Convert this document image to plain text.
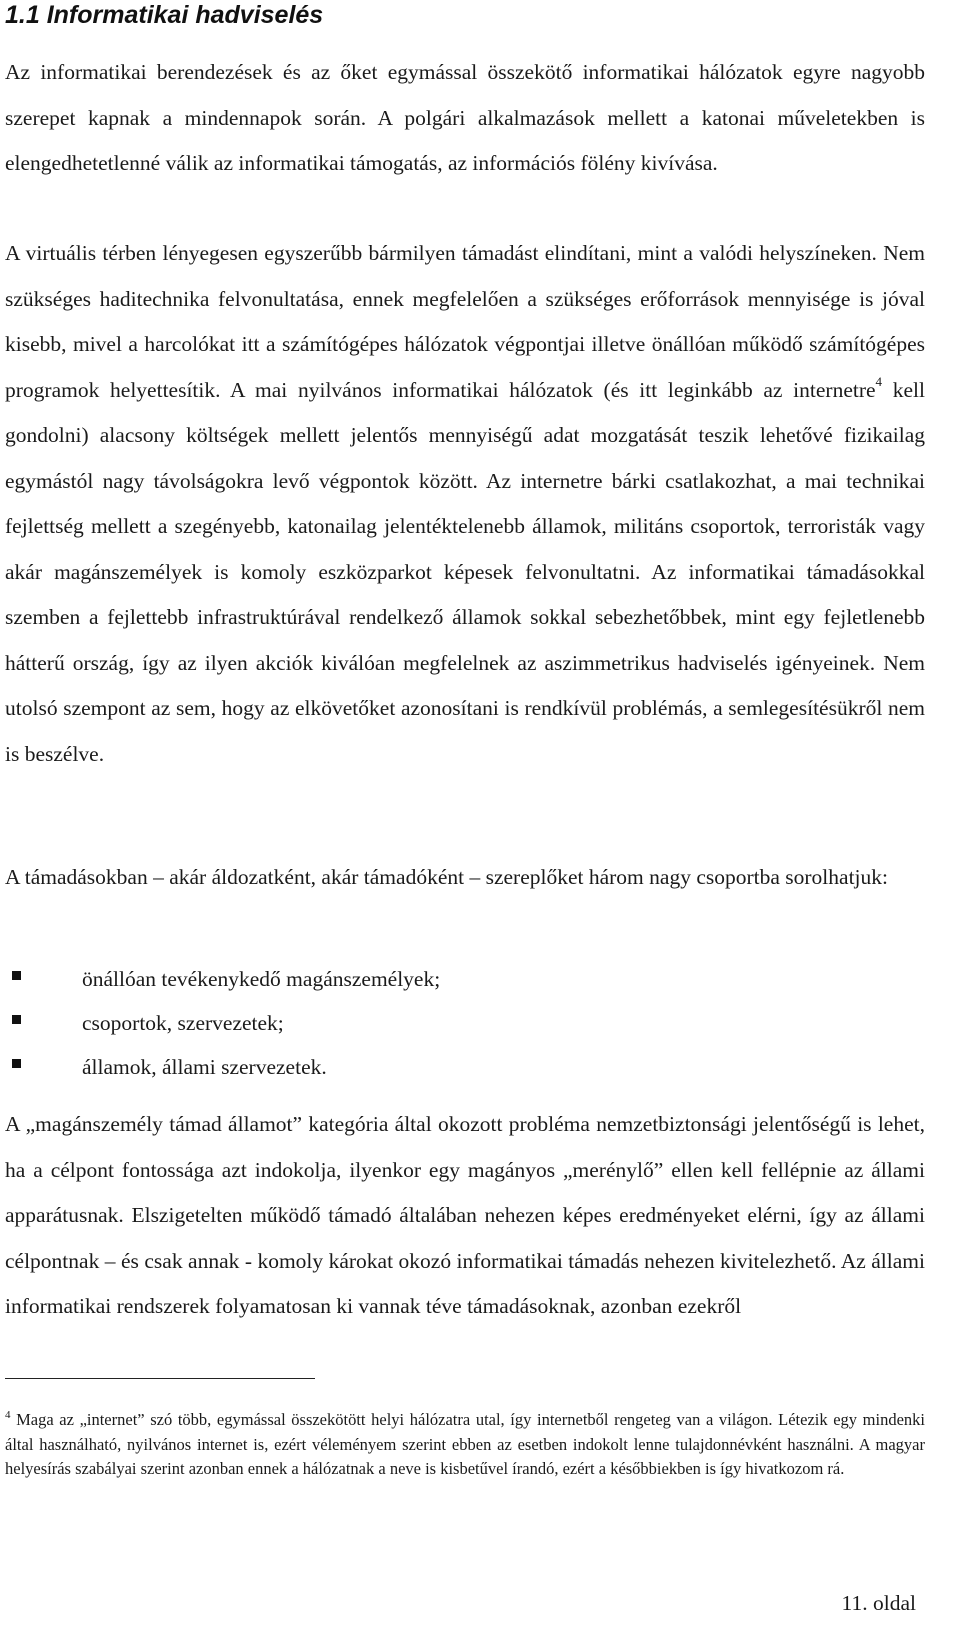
1.1 Informatikai hadviselés

Az informatikai berendezések és az őket egymással összekötő informatikai hálózatok egyre nagyobb szerepet kapnak a mindennapok során. A polgári alkalmazások mellett a katonai műveletekben is elengedhetetlenné válik az informatikai támogatás, az információs fölény kivívása.

A virtuális térben lényegesen egyszerűbb bármilyen támadást elindítani, mint a valódi helyszíneken. Nem szükséges haditechnika felvonultatása, ennek megfelelően a szükséges erőforrások mennyisége is jóval kisebb, mivel a harcolókat itt a számítógépes hálózatok végpontjai illetve önállóan működő számítógépes programok helyettesítik. A mai nyilvános informatikai hálózatok (és itt leginkább az internetre$^4$ kell gondolni) alacsony költségek mellett jelentős mennyiségű adat mozgatását teszik lehetővé fizikailag egymástól nagy távolságokra levő végpontok között. Az internetre bárki csatlakozhat, a mai technikai fejlettség mellett a szegényebb, katonailag jelentéktelenebb államok, militáns csoportok, terroristák vagy akár magánszemélyek is komoly eszközparkot képesek felvonultatni. Az informatikai támadásokkal szemben a fejlettebb infrastruktúrával rendelkező államok sokkal sebezhetőbbek, mint egy fejletlenebb hátterű ország, így az ilyen akciók kiválóan megfelelnek az aszimmetrikus hadviselés igényeinek. Nem utolsó szempont az sem, hogy az elkövetőket azonosítani is rendkívül problémás, a semlegesítésükről nem is beszélve.

A támadásokban – akár áldozatként, akár támadóként – szereplőket három nagy csoportba sorolhatjuk:

önállóan tevékenykedő magánszemélyek;
csoportok, szervezetek;
államok, állami szervezetek.

A „magánszemély támad államot” kategória által okozott probléma nemzetbiztonsági jelentőségű is lehet, ha a célpont fontossága azt indokolja, ilyenkor egy magányos „merénylő” ellen kell fellépnie az állami apparátusnak. Elszigetelten működő támadó általában nehezen képes eredményeket elérni, így az állami célpontnak – és csak annak - komoly károkat okozó informatikai támadás nehezen kivitelezhető. Az állami informatikai rendszerek folyamatosan ki vannak téve támadásoknak, azonban ezekről

$^4$ Maga az „internet” szó több, egymással összekötött helyi hálózatra utal, így internetből rengeteg van a világon. Létezik egy mindenki által használható, nyilvános internet is, ezért véleményem szerint ebben az esetben indokolt lenne tulajdonnévként használni. A magyar helyesírás szabályai szerint azonban ennek a hálózatnak a neve is kisbetűvel írandó, ezért a későbbiekben is így hivatkozom rá.

11. oldal
